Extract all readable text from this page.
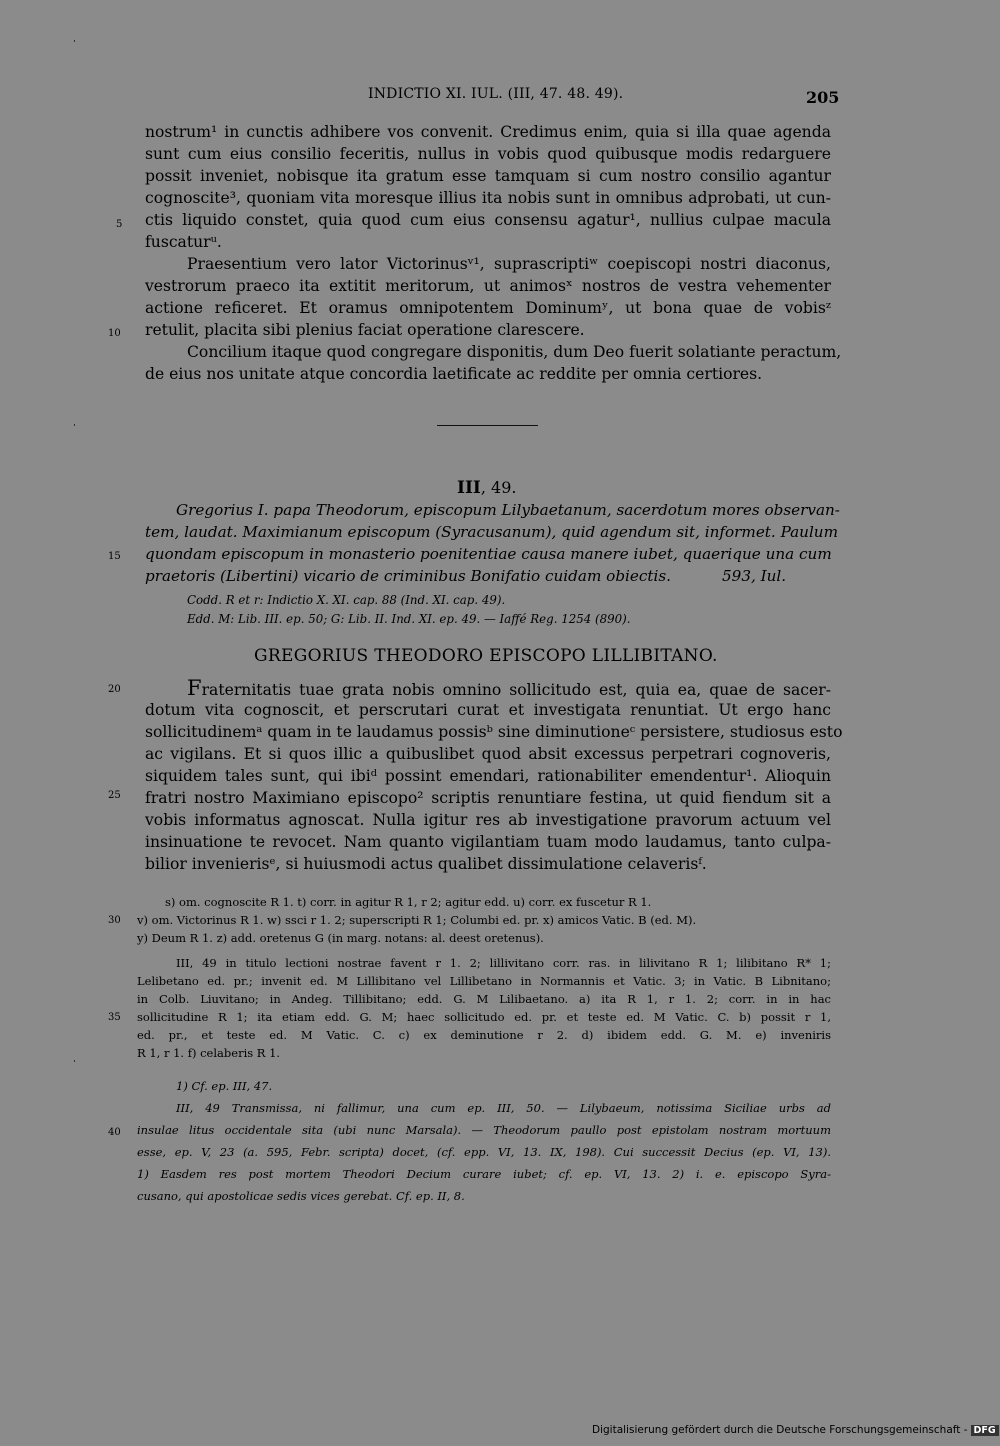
INDICTIO XI. IUL. (III, 47. 48. 49).	205
nostrum¹ in cunctis adhibere vos convenit. Credimus enim, quia si illa quae agenda
sunt cum eius consilio feceritis, nullus in vobis quod quibusque modis redarguere
possit inveniet, nobisque ita gratum esse tamquam si cum nostro consilio agantur
cognoscite³, quoniam vita moresque illius ita nobis sunt in omnibus adprobati, ut cun-
ctis liquido constet, quia quod cum eius consensu agatur¹, nullius culpae macula
fuscaturᵘ.
Praesentium vero lator Victorinusᵛ¹, suprascriptiʷ coepiscopi nostri diaconus,
vestrorum praeco ita extitit meritorum, ut animosˣ nostros de vestra vehementer
actione reficeret. Et oramus omnipotentem Dominumʸ, ut bona quae de vobisᶻ
retulit, placita sibi plenius faciat operatione clarescere.
Concilium itaque quod congregare disponitis, dum Deo fuerit solatiante peractum,
de eius nos unitate atque concordia laetificate ac reddite per omnia certiores.
5
10
15
20
25
30
35
40
III, 49.
Gregorius I. papa Theodorum, episcopum Lilybaetanum, sacerdotum mores observan-
tem, laudat. Maximianum episcopum (Syracusanum), quid agendum sit, informet. Paulum
quondam episcopum in monasterio poenitentiae causa manere iubet, quaerique una cum
praetoris (Libertini) vicario de criminibus Bonifatio cuidam obiectis.	593, Iul.
Codd. R et r: Indictio X. XI. cap. 88 (Ind. XI. cap. 49).
Edd. M: Lib. III. ep. 50; G: Lib. II. Ind. XI. ep. 49. — Iaffé Reg. 1254 (890).
GREGORIUS THEODORO EPISCOPO LILLIBITANO.
Fraternitatis tuae grata nobis omnino sollicitudo est, quia ea, quae de sacer-
dotum vita cognoscit, et perscrutari curat et investigata renuntiat. Ut ergo hanc
sollicitudinemᵃ quam in te laudamus possisᵇ sine diminutioneᶜ persistere, studiosus esto
ac vigilans. Et si quos illic a quibuslibet quod absit excessus perpetrari cognoveris,
siquidem tales sunt, qui ibiᵈ possint emendari, rationabiliter emendentur¹. Alioquin
fratri nostro Maximiano episcopo² scriptis renuntiare festina, ut quid fiendum sit a
vobis informatus agnoscat. Nulla igitur res ab investigatione pravorum actuum vel
insinuatione te revocet. Nam quanto vigilantiam tuam modo laudamus, tanto culpa-
bilior invenierisᵉ, si huiusmodi actus qualibet dissimulatione celaverisᶠ.
s) om. cognoscite R 1. t) corr. in agitur R 1, r 2; agitur edd. u) corr. ex fuscetur R 1.
v) om. Victorinus R 1. w) ssci r 1. 2; superscripti R 1; Columbi ed. pr. x) amicos Vatic. B (ed. M).
y) Deum R 1. z) add. oretenus G (in marg. notans: al. deest oretenus).
III, 49 in titulo lectioni nostrae favent r 1. 2; lillivitano corr. ras. in lilivitano R 1; lilibitano R* 1;
Lelibetano ed. pr.; invenit ed. M Lillibitano vel Lillibetano in Normannis et Vatic. 3; in Vatic. B Libnitano;
in Colb. Liuvitano; in Andeg. Tillibitano; edd. G. M Lilibaetano. a) ita R 1, r 1. 2; corr. in in hac
sollicitudine R 1; ita etiam edd. G. M; haec sollicitudo ed. pr. et teste ed. M Vatic. C. b) possit r 1,
ed. pr., et teste ed. M Vatic. C. c) ex deminutione r 2. d) ibidem edd. G. M. e) inveniris
R 1, r 1. f) celaberis R 1.
1) Cf. ep. III, 47.
III, 49 Transmissa, ni fallimur, una cum ep. III, 50. — Lilybaeum, notissima Siciliae urbs ad
insulae litus occidentale sita (ubi nunc Marsala). — Theodorum paullo post epistolam nostram mortuum
esse, ep. V, 23 (a. 595, Febr. scripta) docet, (cf. epp. VI, 13. IX, 198). Cui successit Decius (ep. VI, 13).
1) Easdem res post mortem Theodori Decium curare iubet; cf. ep. VI, 13. 2) i. e. episcopo Syra-
cusano, qui apostolicae sedis vices gerebat. Cf. ep. II, 8.
Digitalisierung gefördert durch die Deutsche Forschungsgemeinschaft - DFG
